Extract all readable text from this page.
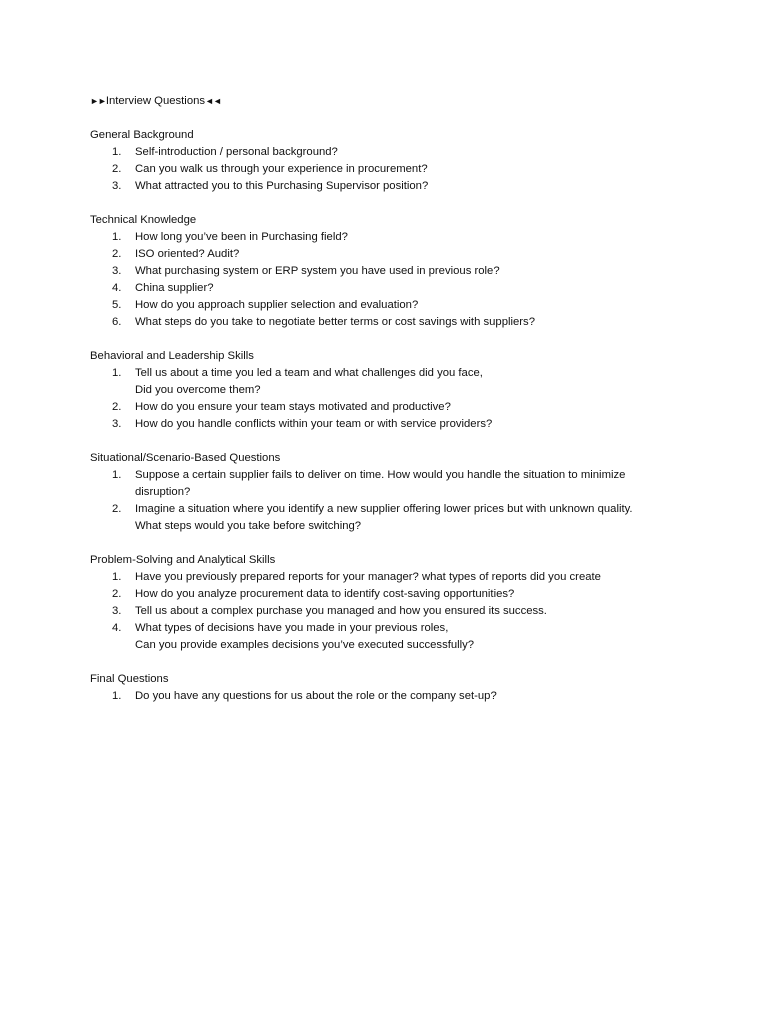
►► Interview Questions ◄◄
General Background
1.	Self-introduction / personal background?
2.	Can you walk us through your experience in procurement?
3.	What attracted you to this Purchasing Supervisor position?
Technical Knowledge
1.	How long you’ve been in Purchasing field?
2.	ISO oriented? Audit?
3.	What purchasing system or ERP system you have used in previous role?
4.	China supplier?
5.	How do you approach supplier selection and evaluation?
6.	What steps do you take to negotiate better terms or cost savings with suppliers?
Behavioral and Leadership Skills
1.	Tell us about a time you led a team and what challenges did you face,
Did you overcome them?
2.	How do you ensure your team stays motivated and productive?
3.	How do you handle conflicts within your team or with service providers?
Situational/Scenario-Based Questions
1.	Suppose a certain supplier fails to deliver on time. How would you handle the situation to minimize
disruption?
2.	Imagine a situation where you identify a new supplier offering lower prices but with unknown quality.
What steps would you take before switching?
Problem-Solving and Analytical Skills
1.	Have you previously prepared reports for your manager? what types of reports did you create
2.	How do you analyze procurement data to identify cost-saving opportunities?
3.	Tell us about a complex purchase you managed and how you ensured its success.
4.	What types of decisions have you made in your previous roles,
Can you provide examples decisions you’ve executed successfully?
Final Questions
1.	Do you have any questions for us about the role or the company set-up?
